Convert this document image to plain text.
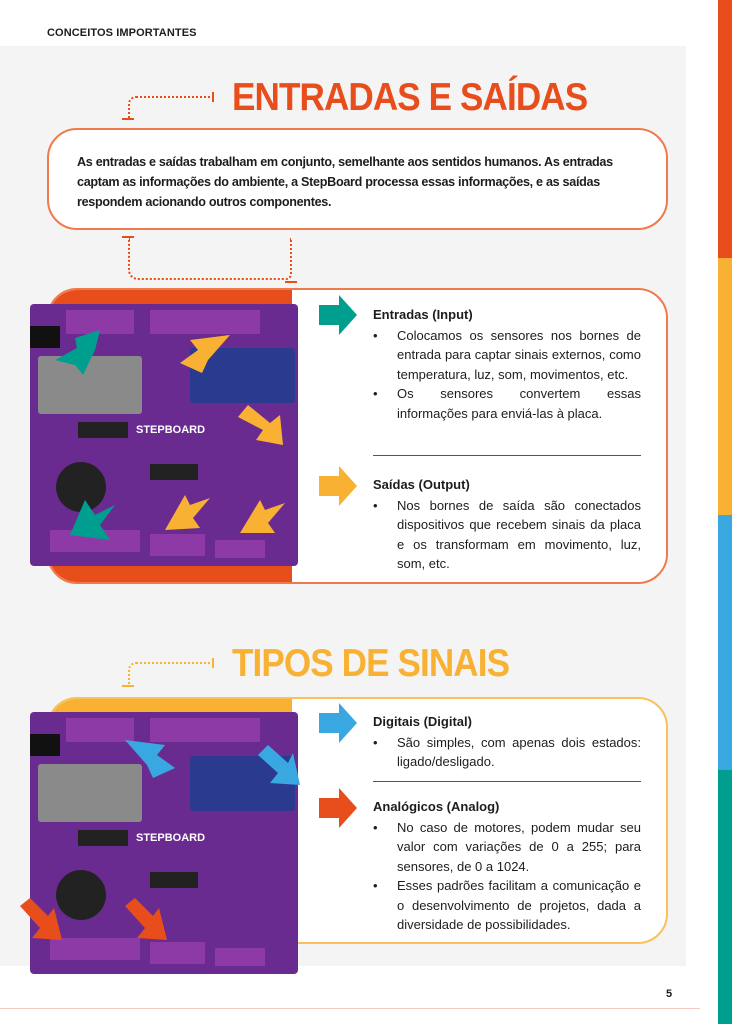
CONCEITOS IMPORTANTES
ENTRADAS E SAÍDAS
As entradas e saídas trabalham em conjunto, semelhante aos sentidos humanos. As entradas captam as informações do ambiente, a StepBoard processa essas informações, e as saídas respondem acionando outros componentes.
STEPBOARD
Entradas (Input)
• Colocamos os sensores nos bornes de entrada para captar sinais externos, como temperatura, luz, som, movimentos, etc.
• Os sensores convertem essas informações para enviá-las à placa.
Saídas (Output)
• Nos bornes de saída são conectados dispositivos que recebem sinais da placa e os transformam em movimento, luz, som, etc.
TIPOS DE SINAIS
STEPBOARD
Digitais (Digital)
• São simples, com apenas dois estados: ligado/desligado.
Analógicos (Analog)
• No caso de motores, podem mudar seu valor com variações de 0 a 255; para sensores, de 0 a 1024.
• Esses padrões facilitam a comunicação e o desenvolvimento de projetos, dada a diversidade de possibilidades.
5
